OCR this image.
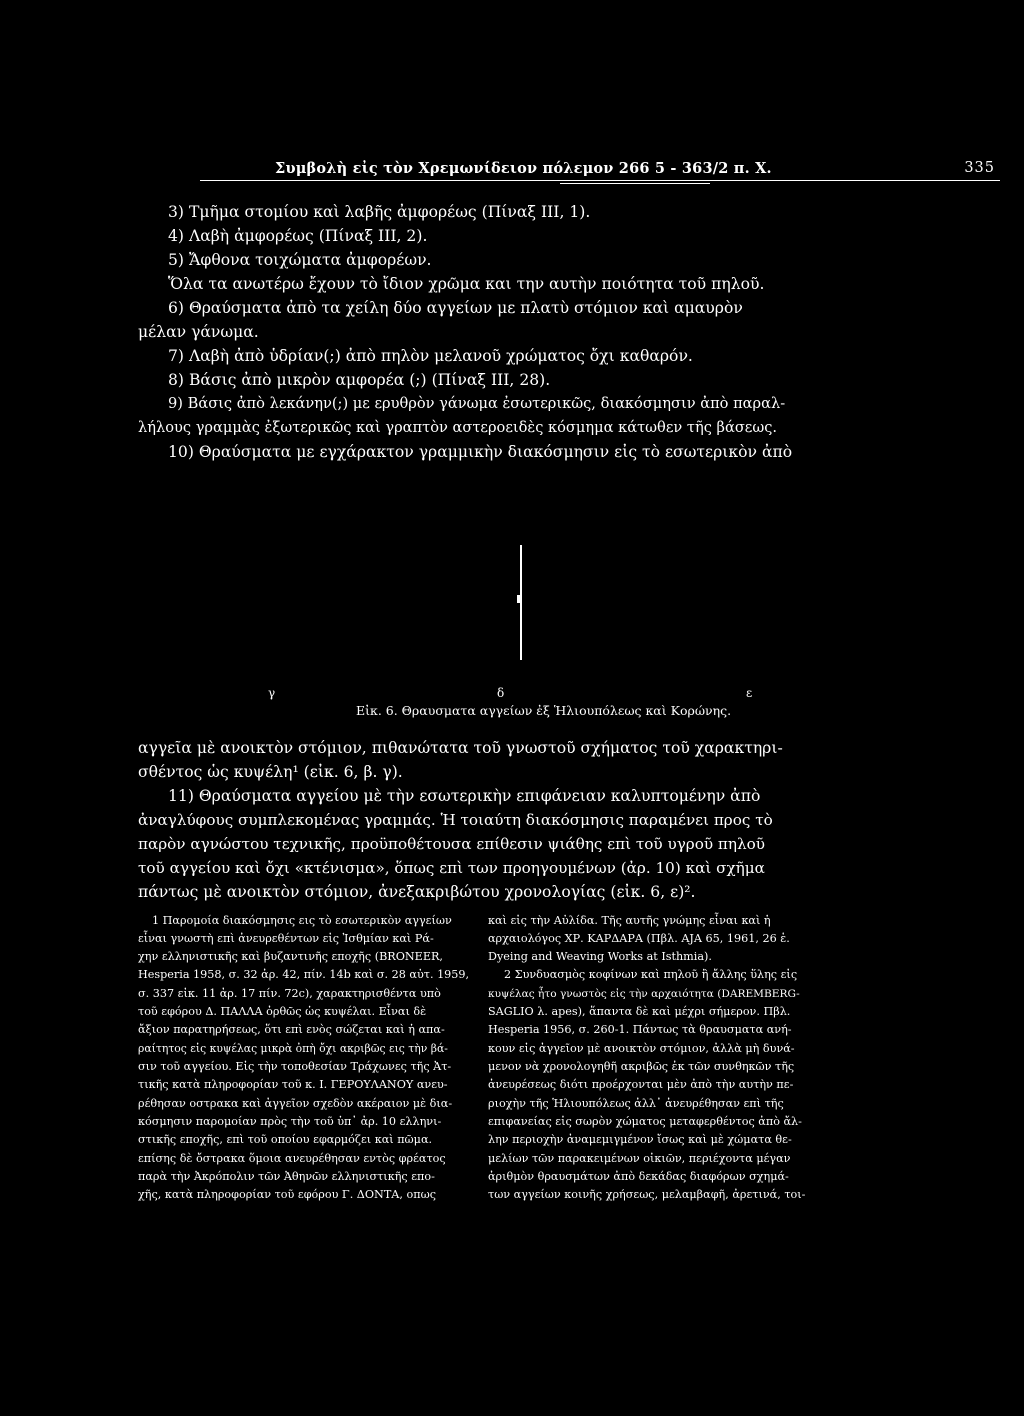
Συμβολὴ εἰς τὸν Χρεμωνίδειον πόλεμον 266 5 - 363/2 π. Χ.	335
3) Τμῆμα στομίου καὶ λαβῆς ἀμφορέως (Πίναξ ΙΙΙ, 1).
4) Λαβὴ ἀμφορέως (Πίναξ ΙΙΙ, 2).
5) Ἄφθονα τοιχώματα ἀμφορέων.
Ὅλα τα ανωτέρω ἔχουν τὸ ἴδιον χρῶμα και την αυτὴν ποιότητα τοῦ πηλοῦ.
6) Θραύσματα ἀπὸ τα χείλη δύο αγγείων με πλατὺ στόμιον καὶ αμαυρὸν
μέλαν γάνωμα.
7) Λαβὴ ἀπὸ ὑδρίαν(;) ἀπὸ πηλὸν μελανοῦ χρώματος ὄχι καθαρόν.
8) Βάσις ἀπὸ μικρὸν αμφορέα (;) (Πίναξ ΙΙΙ, 28).
9) Βάσις ἀπὸ λεκάνην(;) με ερυθρὸν γάνωμα ἐσωτερικῶς, διακόσμησιν ἀπὸ παραλ-
λήλους γραμμὰς ἐξωτερικῶς καὶ γραπτὸν αστεροειδὲς κόσμημα κάτωθεν τῆς βάσεως.
10) Θραύσματα με εγχάρακτον γραμμικὴν διακόσμησιν εἰς τὸ εσωτερικὸν ἀπὸ
γ	δ	ε
Εἰκ. 6. Θραυσματα αγγείων ἐξ Ἡλιουπόλεως καὶ Κορώνης.
αγγεῖα μὲ ανοικτὸν στόμιον, πιθανώτατα τοῦ γνωστοῦ σχήματος τοῦ χαρακτηρι-
σθέντος ὡς κυψέλη¹ (εἰκ. 6, β. γ).
11) Θραύσματα αγγείου μὲ τὴν εσωτερικὴν επιφάνειαν καλυπτομένην ἀπὸ
ἀναγλύφους συμπλεκομένας γραμμάς. Ἡ τοιαύτη διακόσμησις παραμένει προς τὸ
παρὸν αγνώστου τεχνικῆς, προϋποθέτουσα επίθεσιν ψιάθης επὶ τοῦ υγροῦ πηλοῦ
τοῦ αγγείου καὶ ὄχι «κτένισμα», ὅπως επὶ των προηγουμένων (ἀρ. 10) καὶ σχῆμα
πάντως μὲ ανοικτὸν στόμιον, ἀνεξακριβώτου χρονολογίας (εἰκ. 6, ε)².
1 Παρομοία διακόσμησις εις τὸ εσωτερικὸν αγγείων
εἶναι γνωστὴ επὶ ἀνευρεθέντων εἰς Ἰσθμίαν καὶ Ρά-
χην ελληνιστικῆς καὶ βυζαντινῆς εποχῆς (BRONEER,
Hesperia 1958, σ. 32 ἀρ. 42, πίν. 14b καὶ σ. 28 αὐτ. 1959,
σ. 337 εἰκ. 11 ἀρ. 17 πίν. 72c), χαρακτηρισθέντα υπὸ
τοῦ εφόρου Δ. ΠΑΛΛΑ ὀρθῶς ὡς κυψέλαι. Εἶναι δὲ
ἄξιον παρατηρήσεως, ὅτι επὶ ενὸς σώζεται καὶ ἡ απα-
ραίτητος εἰς κυψέλας μικρὰ ὀπὴ ὄχι ακριβῶς εις τὴν βά-
σιν τοῦ αγγείου. Εἰς τὴν τοποθεσίαν Τράχωνες τῆς Ἀτ-
τικῆς κατὰ πληροφορίαν τοῦ κ. Ι. ΓΕΡΟΥΛΑΝΟΥ ανευ-
ρέθησαν οστρακα καὶ ἀγγεῖον σχεδὸν ακέραιον μὲ δια-
κόσμησιν παρομοίαν πρὸς τὴν τοῦ ὑπ᾽ ἀρ. 10 ελληνι-
στικῆς εποχῆς, επὶ τοῦ οποίου εφαρμόζει καὶ πῶμα.
επίσης δὲ ὄστρακα ὅμοια ανευρέθησαν εντὸς φρέατος
παρὰ τὴν Ἀκρόπολιν τῶν Ἀθηνῶν ελληνιστικῆς επο-
χῆς, κατὰ πληροφορίαν τοῦ εφόρου Γ. ΔΟΝΤΑ, οπως
καὶ εἰς τὴν Αὐλίδα. Τῆς αυτῆς γνώμης εἶναι καὶ ἡ
αρχαιολόγος ΧΡ. ΚΑΡΔΑΡΑ (Πβλ. AJA 65, 1961, 26 ἑ.
Dyeing and Weaving Works at Isthmia).
2 Συνδυασμὸς κοφίνων καὶ πηλοῦ ἢ ἄλλης ὕλης εἰς
κυψέλας ἦτο γνωστὸς εἰς τὴν αρχαιότητα (DAREMBERG-
SAGLIO λ. apes), ἅπαντα δὲ καὶ μέχρι σήμερον. Πβλ.
Hesperia 1956, σ. 260-1. Πάντως τὰ θραυσματα ανή-
κουν εἰς ἀγγεῖον μὲ ανοικτὸν στόμιον, ἀλλὰ μὴ δυνά-
μενον νὰ χρονολογηθῆ ακριβῶς ἐκ τῶν συνθηκῶν τῆς
ἀνευρέσεως διότι προέρχονται μὲν ἀπὸ τὴν αυτὴν πε-
ριοχὴν τῆς Ἡλιουπόλεως ἀλλ᾽ ἀνευρέθησαν επὶ τῆς
επιφανείας εἰς σωρὸν χώματος μεταφερθέντος ἀπὸ ἄλ-
λην περιοχὴν ἀναμεμιγμένον ἴσως καὶ μὲ χώματα θε-
μελίων τῶν παρακειμένων οἰκιῶν, περιέχοντα μέγαν
ἀριθμὸν θραυσμάτων ἀπὸ δεκάδας διαφόρων σχημά-
των αγγείων κοινῆς χρήσεως, μελαμβαφῆ, ἀρετινά, τοι-
